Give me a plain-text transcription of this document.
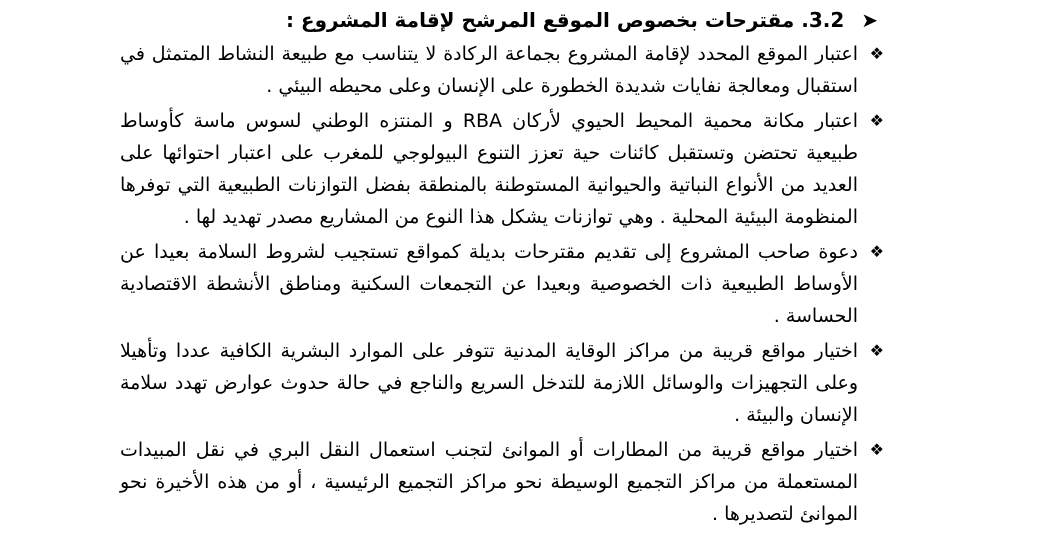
➤ 3.2. مقترحات بخصوص الموقع المرشح لإقامة المشروع :
❖
اعتبار الموقع المحدد لإقامة المشروع بجماعة الركادة لا يتناسب مع طبيعة النشاط المتمثل في استقبال ومعالجة نفايات شديدة الخطورة على الإنسان وعلى محيطه البيئي .
❖
اعتبار مكانة محمية المحيط الحيوي لأركان RBA و المنتزه الوطني لسوس ماسة كأوساط طبيعية تحتضن وتستقبل كائنات حية تعزز التنوع البيولوجي للمغرب على اعتبار احتوائها على العديد من الأنواع النباتية والحيوانية المستوطنة بالمنطقة بفضل التوازنات الطبيعية التي توفرها المنظومة البيئية المحلية . وهي توازنات يشكل هذا النوع من المشاريع مصدر تهديد لها .
❖
دعوة صاحب المشروع إلى تقديم مقترحات بديلة كمواقع تستجيب لشروط السلامة بعيدا عن الأوساط الطبيعية ذات الخصوصية وبعيدا عن التجمعات السكنية ومناطق الأنشطة الاقتصادية الحساسة .
❖
اختيار مواقع قريبة من مراكز الوقاية المدنية تتوفر على الموارد البشرية الكافية عددا وتأهيلا وعلى التجهيزات والوسائل اللازمة للتدخل السريع والناجع في حالة حدوث عوارض تهدد سلامة الإنسان والبيئة .
❖
اختيار مواقع قريبة من المطارات أو الموانئ لتجنب استعمال النقل البري في نقل المبيدات المستعملة من مراكز التجميع الوسيطة نحو مراكز التجميع الرئيسية ، أو من هذه الأخيرة نحو الموانئ لتصديرها .
